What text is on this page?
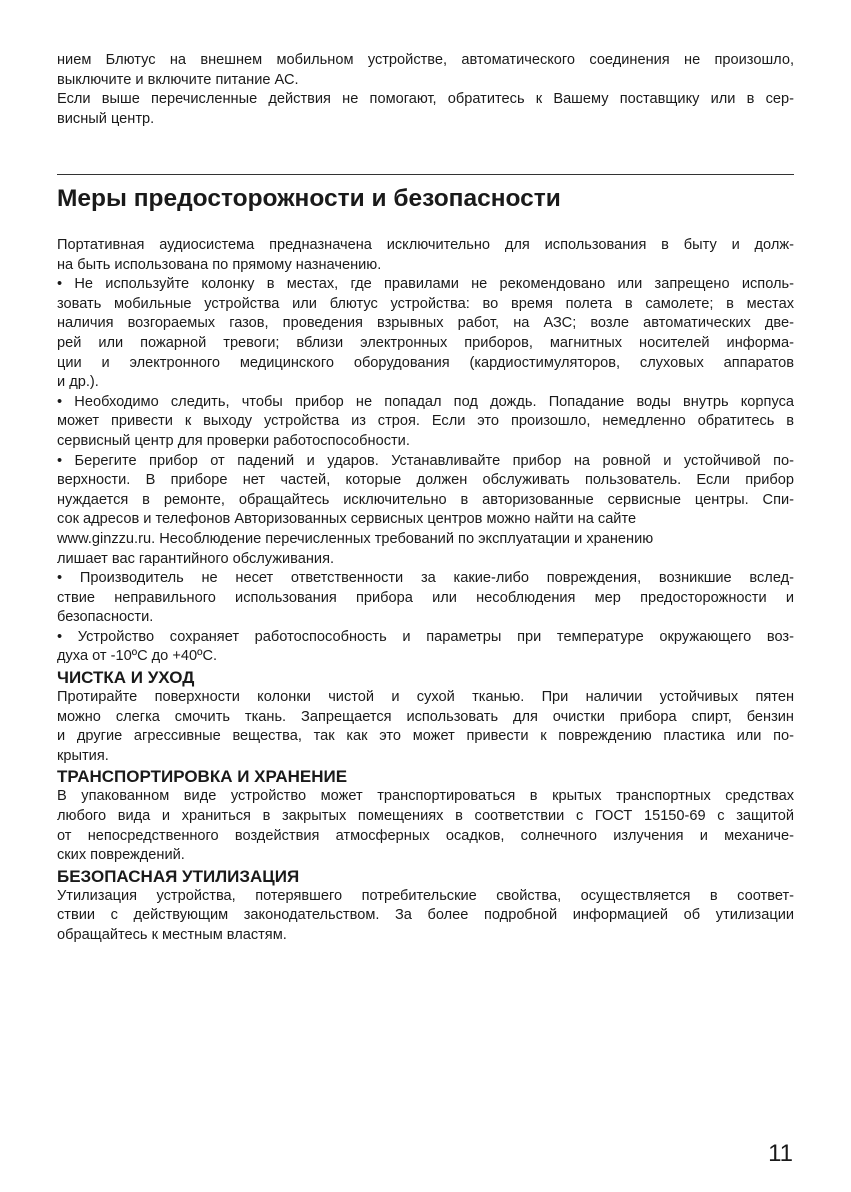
нием Блютус на внешнем мобильном устройстве, автоматического соединения не произошло,

выключите и включите питание АС.

Если выше перечисленные действия не помогают, обратитесь к Вашему поставщику или в сер-

висный центр.

Меры предосторожности и безопасности

Портативная аудиосистема предназначена исключительно для использования в быту и долж-

на быть использована по прямому назначению.

• Не используйте колонку в местах, где правилами не рекомендовано или запрещено исполь-

зовать мобильные устройства или блютус устройства: во время полета в самолете; в местах

наличия возгораемых газов, проведения взрывных работ, на АЗС; возле автоматических две-

рей или пожарной тревоги; вблизи электронных приборов, магнитных носителей информа-

ции и электронного медицинского оборудования (кардиостимуляторов, слуховых аппаратов

и др.).

• Необходимо следить, чтобы прибор не попадал под дождь. Попадание воды внутрь корпуса

может привести к выходу устройства из строя. Если это произошло, немедленно обратитесь в

сервисный центр для проверки работоспособности.

• Берегите прибор от падений и ударов. Устанавливайте прибор на ровной и устойчивой по-

верхности. В приборе нет частей, которые должен обслуживать пользователь. Если прибор

нуждается в ремонте, обращайтесь исключительно в авторизованные сервисные центры. Спи-

сок адресов и телефонов Авторизованных сервисных центров можно найти на сайте

www.ginzzu.ru. Несоблюдение перечисленных требований по эксплуатации и хранению

лишает вас гарантийного обслуживания.

• Производитель не несет ответственности за какие-либо повреждения, возникшие вслед-

ствие неправильного использования прибора или несоблюдения мер предосторожности и

безопасности.

• Устройство сохраняет работоспособность и параметры при температуре окружающего воз-

духа от -10ºC до +40ºC.

ЧИСТКА И УХОД

Протирайте поверхности колонки чистой и сухой тканью. При наличии устойчивых пятен

можно слегка смочить ткань. Запрещается использовать для очистки прибора спирт, бензин

и другие агрессивные вещества, так как это может привести к повреждению пластика или по-

крытия.

ТРАНСПОРТИРОВКА И ХРАНЕНИЕ

В упакованном виде устройство может транспортироваться в крытых транспортных средствах

любого вида и храниться в закрытых помещениях в соответствии с ГОСТ 15150-69 с защитой

от непосредственного воздействия атмосферных осадков, солнечного излучения и механиче-

ских повреждений.

БЕЗОПАСНАЯ УТИЛИЗАЦИЯ

Утилизация устройства, потерявшего потребительские свойства, осуществляется в соответ-

ствии с действующим законодательством. За более подробной информацией об утилизации

обращайтесь к местным властям.

11
